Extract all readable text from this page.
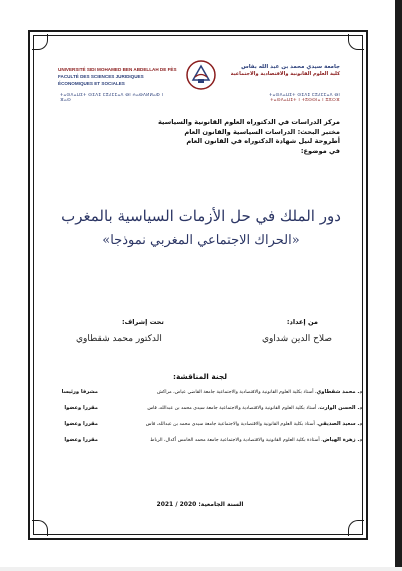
UNIVERSITÉ SIDI MOHAMED BEN ABDELLAH DE FÈS
FACULTÉ DES SCIENCES JURIDIQUES ÉCONOMIQUES ET SOCIALES
جامعة سيدي محمد بن عبد الله بفاس
كلية العلوم القانونية والاقتصادية والاجتماعية
ⵜⴰⵙⴷⴰⵡⵉⵜ ⵙⵉⴷⵉ ⵎⵓⵃⵎⵎⴰⴷ ⴱⵏ ⵄⴰⴱⴷⵍⵍⴰⵀ ⵏ ⴼⴰⵙ
ⵜⴰⵙⴷⴰⵡⵉⵜ ⵙⵉⴷⵉ ⵎⵓⵃⵎⵎⴰⴷ ⴱⵏ
ⵜⴰⵙⴷⴰⵡⵉⵜ ⵏ ⵜⵓⵙⵙⵏⴰ ⵏ ⵓⵣⵔⴼ
مركز الدراسات في الدكتوراه العلوم القانونية والسياسية
مختبر البحث: الدراسات السياسية والقانون العام
أطروحة لنيل شهادة الدكتوراه في القانون العام
في موضوع:
دور الملك في حل الأزمات السياسية بالمغرب
«الحراك الاجتماعي المغربي نموذجا»
من إعداد:
صلاح الدين شداوي
تحت إشراف:
الدكتور محمد شقطاوي
لجنة المناقشة:
د. محمد شقطاوي، أستاذ بكلية العلوم القانونية والاقتصادية والاجتماعية جامعة القاضي عياض، مراكش
مشرفا ورئيسا
د. الحسن الوارث، أستاذ بكلية العلوم القانونية والاقتصادية والاجتماعية جامعة سيدي محمد بن عبدالله، فاس
مقررا وعضوا
د. سعيد الصديقي، أستاذ بكلية العلوم القانونية والاقتصادية والاجتماعية جامعة سيدي محمد بن عبدالله، فاس
مقررا وعضوا
د. زهرة الهياض، أستاذة بكلية العلوم القانونية والاقتصادية والاجتماعية جامعة محمد الخامس أكدال، الرباط
مقررا وعضوا
السنة الجامعية: 2020 / 2021
